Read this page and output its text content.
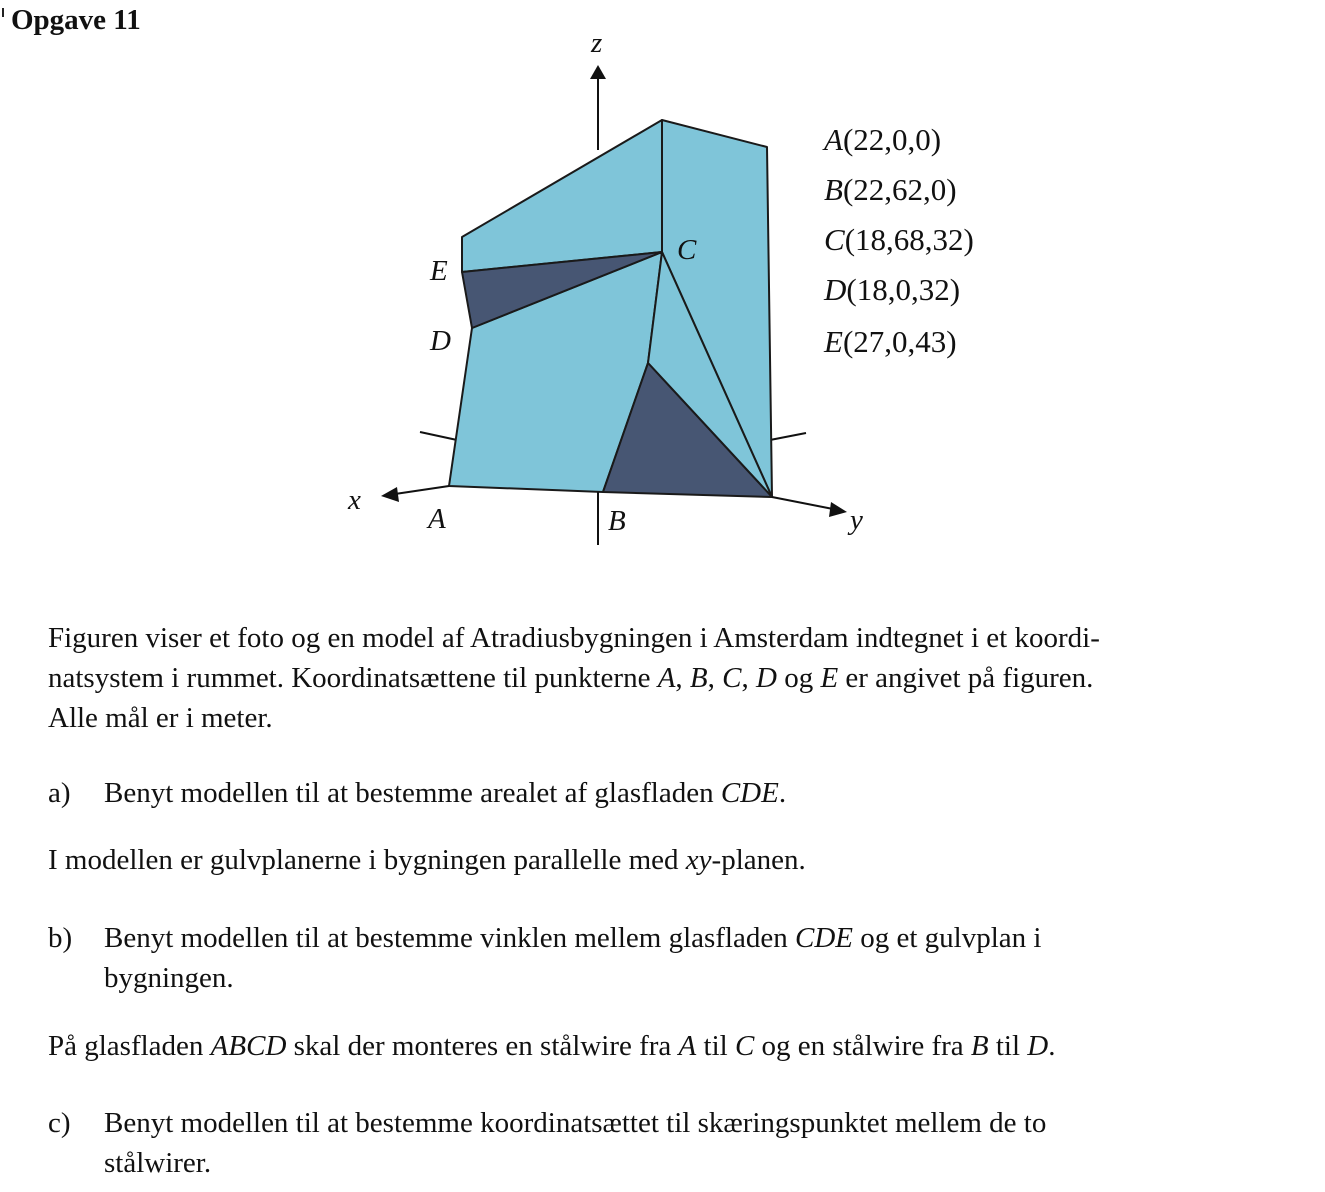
Opgave 11
z
x
y
A	B
C
D
E
A(22,0,0)
B(22,62,0)
C(18,68,32)
D(18,0,32)
E(27,0,43)

Figuren viser et foto og en model af Atradiusbygningen i Amsterdam indtegnet i et koordi-
natsystem i rummet. Koordinatsættene til punkterne A, B, C, D og E er angivet på figuren.
Alle mål er i meter.

a) Benyt modellen til at bestemme arealet af glasfladen CDE.

I modellen er gulvplanerne i bygningen parallelle med xy-planen.

b) Benyt modellen til at bestemme vinklen mellem glasfladen CDE og et gulvplan i
bygningen.

På glasfladen ABCD skal der monteres en stålwire fra A til C og en stålwire fra B til D.

c) Benyt modellen til at bestemme koordinatsættet til skæringspunktet mellem de to
stålwirer.
